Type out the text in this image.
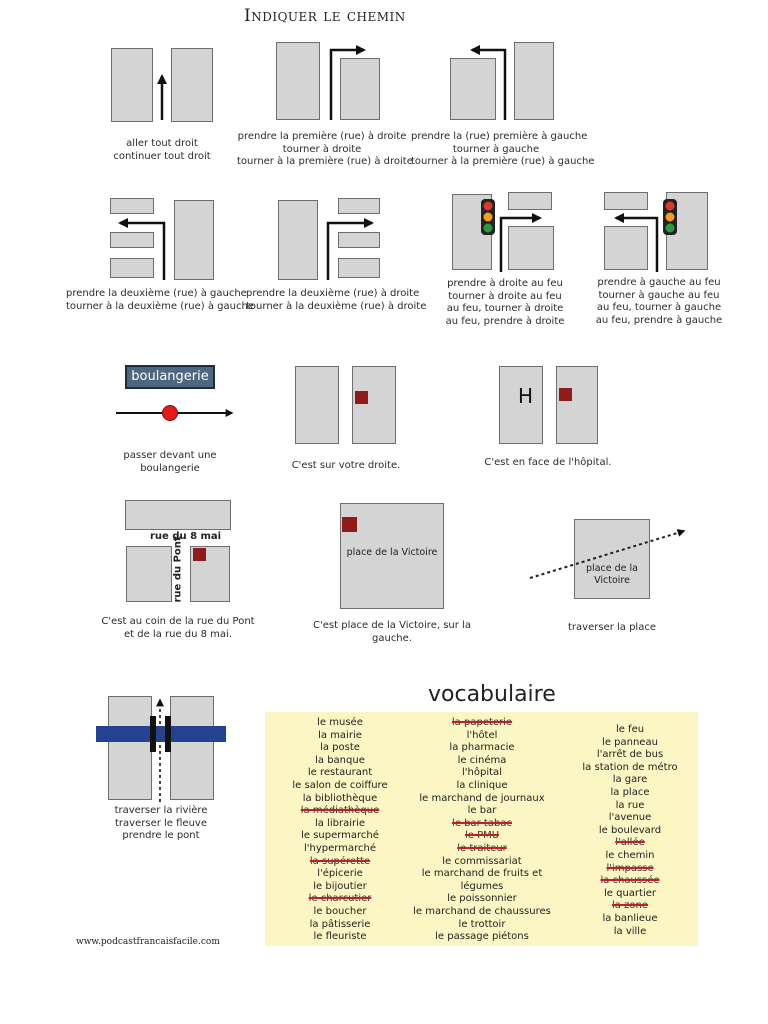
Indiquer le chemin
boulangerie
H
rue du 8 mai
rue du Pont	place de la Victoire
place de la
Victoire
aller tout droit
continuer tout droit
prendre la première (rue) à droite
tourner à droite
tourner à la première (rue) à droite
prendre la (rue) première à gauche
tourner à gauche
tourner à la première (rue) à gauche
prendre la deuxième (rue) à gauche
tourner à la deuxième (rue) à gauche
prendre la deuxième (rue) à droite
tourner à la deuxième (rue) à droite
prendre à droite au feu
tourner à droite au feu
au feu, tourner à droite
au feu, prendre à droite
prendre à gauche au feu
tourner à gauche au feu
au feu, tourner à gauche
au feu, prendre à gauche
passer devant une
boulangerie	C'est sur votre droite.	C'est en face de l'hôpital.
C'est au coin de la rue du Pont
et de la rue du 8 mai.
C'est place de la Victoire, sur la
gauche.
traverser la place
traverser la rivière
traverser le fleuve
prendre le pont
vocabulaire
le musée
la mairie
la poste
la banque
le restaurant
le salon de coiffure
la bibliothèque
la médiathèque
la librairie
le supermarché
l'hypermarché
la supérette
l'épicerie
le bijoutier
le charcutier
le boucher
la pâtisserie
le fleuriste
la papeterie
l'hôtel
la pharmacie
le cinéma
l'hôpital
la clinique
le marchand de journaux
le bar
le bar tabac
le PMU
le traiteur
le commissariat
le marchand de fruits et
légumes
le poissonnier
le marchand de chaussures
le trottoir
le passage piétons
le feu
le panneau
l'arrêt de bus
la station de métro
la gare
la place
la rue
l'avenue
le boulevard
l'allée
le chemin
l'impasse
la chaussée
le quartier
la zone
la banlieue
la ville
www.podcastfrancaisfacile.com
